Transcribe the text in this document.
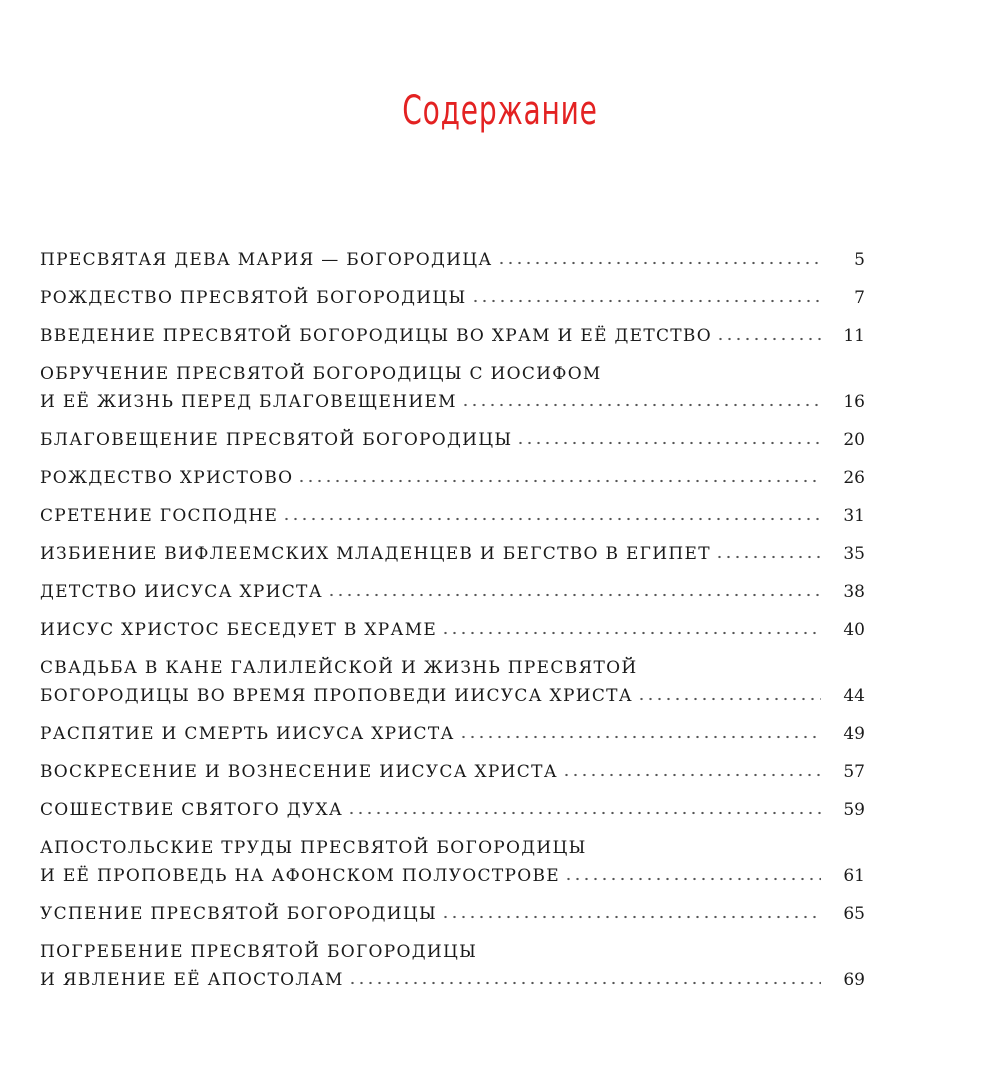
Содержание
ПРЕСВЯТАЯ ДЕВА МАРИЯ — БОГОРОДИЦА	5
РОЖДЕСТВО ПРЕСВЯТОЙ БОГОРОДИЦЫ	7
ВВЕДЕНИЕ ПРЕСВЯТОЙ БОГОРОДИЦЫ ВО ХРАМ И ЕЁ ДЕТСТВО	11
ОБРУЧЕНИЕ ПРЕСВЯТОЙ БОГОРОДИЦЫ С ИОСИФОМ
И ЕЁ ЖИЗНЬ ПЕРЕД БЛАГОВЕЩЕНИЕМ	16
БЛАГОВЕЩЕНИЕ ПРЕСВЯТОЙ БОГОРОДИЦЫ	20
РОЖДЕСТВО ХРИСТОВО	26
СРЕТЕНИЕ ГОСПОДНЕ	31
ИЗБИЕНИЕ ВИФЛЕЕМСКИХ МЛАДЕНЦЕВ И БЕГСТВО В ЕГИПЕТ	35
ДЕТСТВО ИИСУСА ХРИСТА	38
ИИСУС ХРИСТОС БЕСЕДУЕТ В ХРАМЕ	40
СВАДЬБА В КАНЕ ГАЛИЛЕЙСКОЙ И ЖИЗНЬ ПРЕСВЯТОЙ
БОГОРОДИЦЫ ВО ВРЕМЯ ПРОПОВЕДИ ИИСУСА ХРИСТА	44
РАСПЯТИЕ И СМЕРТЬ ИИСУСА ХРИСТА	49
ВОСКРЕСЕНИЕ И ВОЗНЕСЕНИЕ ИИСУСА ХРИСТА	57
СОШЕСТВИЕ СВЯТОГО ДУХА	59
АПОСТОЛЬСКИЕ ТРУДЫ ПРЕСВЯТОЙ БОГОРОДИЦЫ
И ЕЁ ПРОПОВЕДЬ НА АФОНСКОМ ПОЛУОСТРОВЕ	61
УСПЕНИЕ ПРЕСВЯТОЙ БОГОРОДИЦЫ	65
ПОГРЕБЕНИЕ ПРЕСВЯТОЙ БОГОРОДИЦЫ
И ЯВЛЕНИЕ ЕЁ АПОСТОЛАМ	69
